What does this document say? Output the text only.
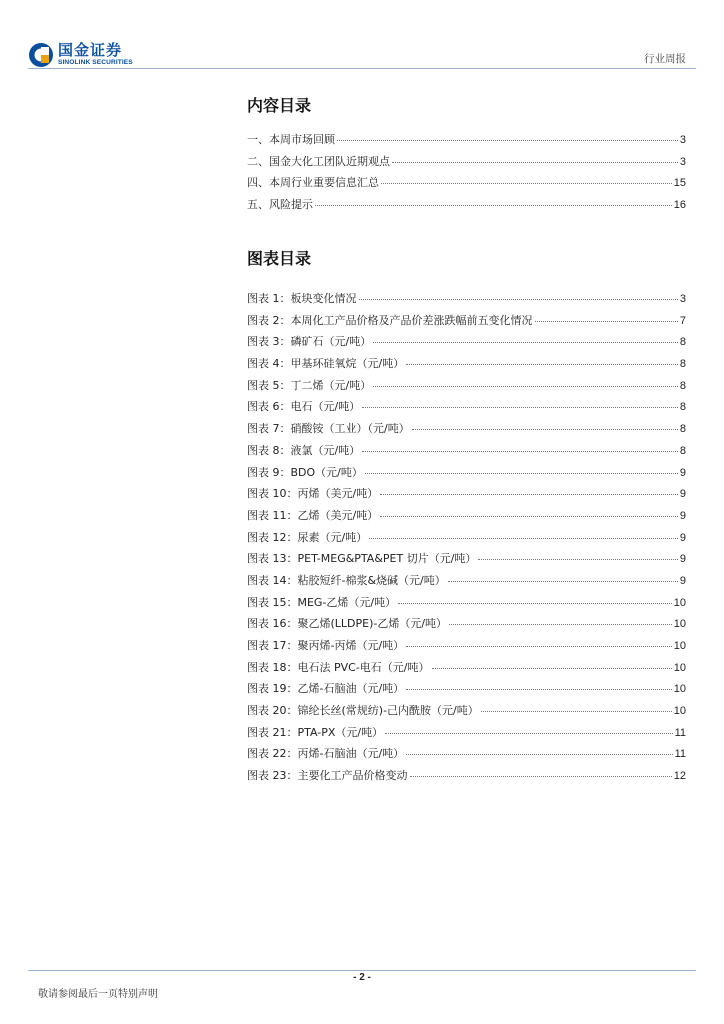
国金证券
SINOLINK SECURITIES	行业周报
内容目录
一、本周市场回顾	3
二、国金大化工团队近期观点	3
四、本周行业重要信息汇总	15
五、风险提示	16
图表目录
图表 1：板块变化情况	3
图表 2：本周化工产品价格及产品价差涨跌幅前五变化情况	7
图表 3：磷矿石（元/吨）	8
图表 4：甲基环硅氧烷（元/吨）	8
图表 5：丁二烯（元/吨）	8
图表 6：电石（元/吨）	8
图表 7：硝酸铵（工业）（元/吨）	8
图表 8：液氯（元/吨）	8
图表 9：BDO（元/吨）	9
图表 10：丙烯（美元/吨）	9
图表 11：乙烯（美元/吨）	9
图表 12：尿素（元/吨）	9
图表 13：PET-MEG&PTA&PET 切片（元/吨）	9
图表 14：粘胶短纤-棉浆&烧碱（元/吨）	9
图表 15：MEG-乙烯（元/吨）	10
图表 16：聚乙烯(LLDPE)-乙烯（元/吨）	10
图表 17：聚丙烯-丙烯（元/吨）	10
图表 18：电石法 PVC-电石（元/吨）	10
图表 19：乙烯-石脑油（元/吨）	10
图表 20：锦纶长丝(常规纺)-己内酰胺（元/吨）	10
图表 21：PTA-PX（元/吨）	11
图表 22：丙烯-石脑油（元/吨）	11
图表 23：主要化工产品价格变动	12
- 2 -
敬请参阅最后一页特别声明
